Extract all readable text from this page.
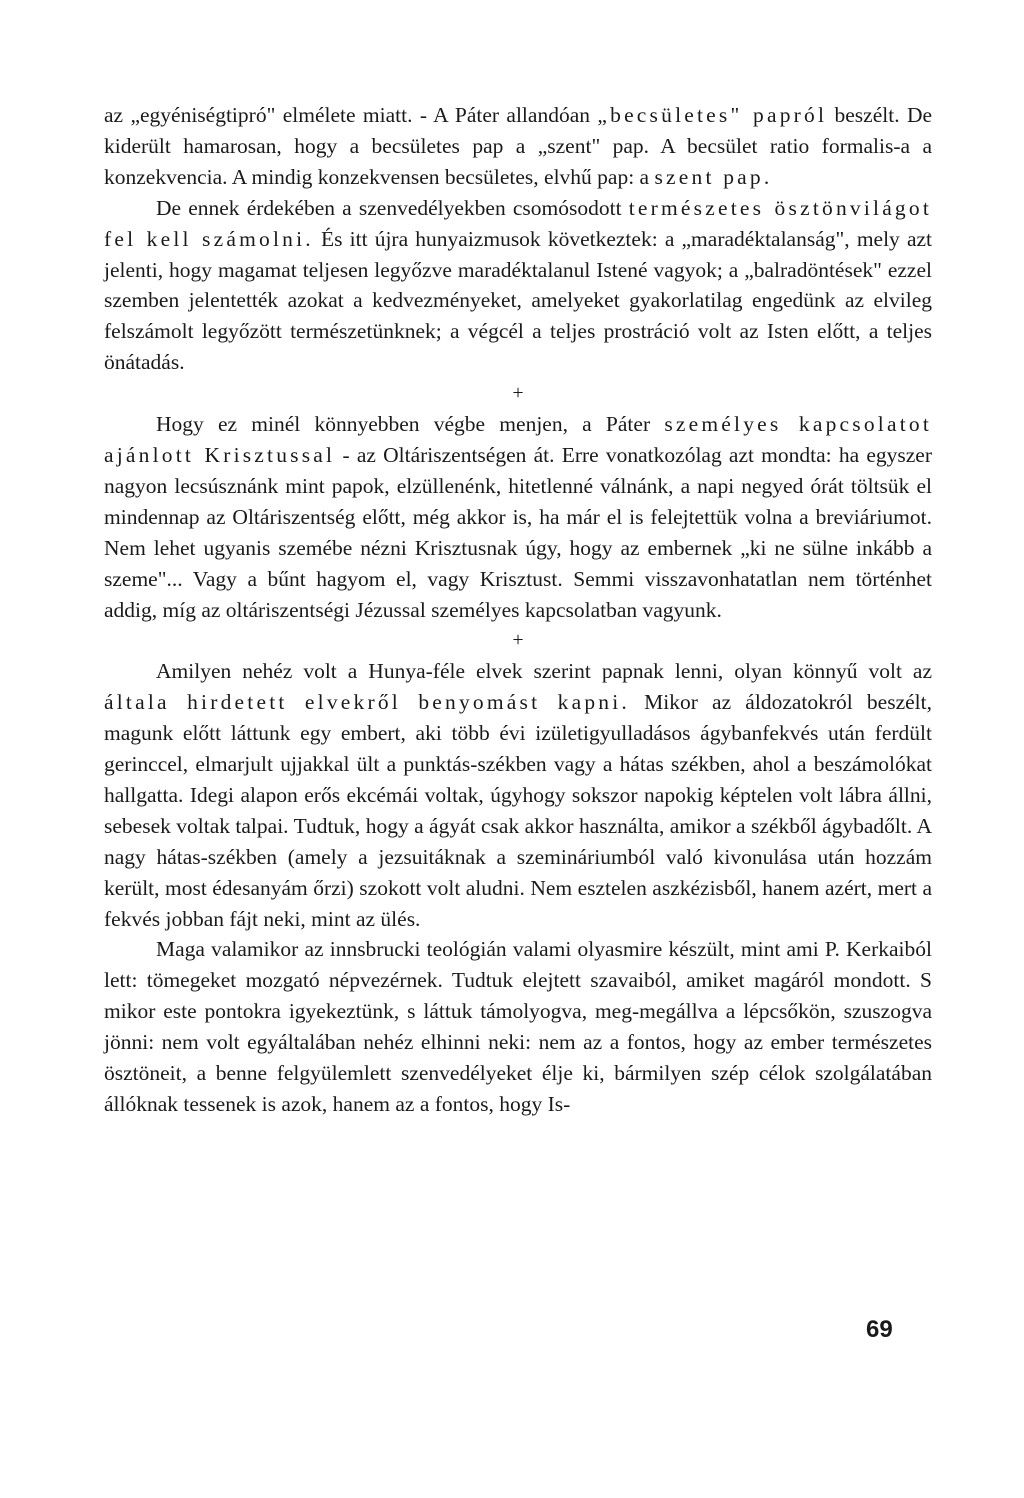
az „egyéniségtipró" elmélete miatt. - A Páter allandóan „becsületes" papról beszélt. De kiderült hamarosan, hogy a becsületes pap a „szent" pap. A becsület ratio formalis-a a konzekvencia. A mindig konzekvensen becsületes, elvhű pap: a szent pap.

De ennek érdekében a szenvedélyekben csomósodott természetes ösztönvilágot fel kell számolni. És itt újra hunyaizmusok következtek: a „maradéktalanság", mely azt jelenti, hogy magamat teljesen legyőzve maradéktalanul Istené vagyok; a „balradöntések" ezzel szemben jelentették azokat a kedvezményeket, amelyeket gyakorlatilag engedünk az elvileg felszámolt legyőzött természetünknek; a végcél a teljes prostráció volt az Isten előtt, a teljes önátadás.

+

Hogy ez minél könnyebben végbe menjen, a Páter személyes kapcsolatot ajánlott Krisztussal - az Oltáriszentségen át. Erre vonatkozólag azt mondta: ha egyszer nagyon lecsúsznánk mint papok, elzüllenénk, hitetlenné válnánk, a napi negyed órát töltsük el mindennap az Oltáriszentség előtt, még akkor is, ha már el is felejtettük volna a breviáriumot. Nem lehet ugyanis szemébe nézni Krisztusnak úgy, hogy az embernek „ki ne sülne inkább a szeme"... Vagy a bűnt hagyom el, vagy Krisztust. Semmi visszavonhatatlan nem történhet addig, míg az oltáriszentségi Jézussal személyes kapcsolatban vagyunk.

+

Amilyen nehéz volt a Hunya-féle elvek szerint papnak lenni, olyan könnyű volt az általa hirdetett elvekről benyomást kapni. Mikor az áldozatokról beszélt, magunk előtt láttunk egy embert, aki több évi izületigyulladásos ágybanfekvés után ferdült gerinccel, elmarjult ujjakkal ült a punktás-székben vagy a hátas székben, ahol a beszámolókat hallgatta. Idegi alapon erős ekcémái voltak, úgyhogy sokszor napokig képtelen volt lábra állni, sebesek voltak talpai. Tudtuk, hogy a ágyát csak akkor használta, amikor a székből ágybadőlt. A nagy hátas-székben (amely a jezsuitáknak a szemináriumból való kivonulása után hozzám került, most édesanyám őrzi) szokott volt aludni. Nem esztelen aszkézisből, hanem azért, mert a fekvés jobban fájt neki, mint az ülés.

Maga valamikor az innsbrucki teológián valami olyasmire készült, mint ami P. Kerkaiból lett: tömegeket mozgató népvezérnek. Tudtuk elejtett szavaiból, amiket magáról mondott. S mikor este pontokra igyekeztünk, s láttuk támolyogva, meg-megállva a lépcsőkön, szuszogva jönni: nem volt egyáltalában nehéz elhinni neki: nem az a fontos, hogy az ember természetes ösztöneit, a benne felgyülemlett szenvedélyeket élje ki, bármilyen szép célok szolgálatában állóknak tessenek is azok, hanem az a fontos, hogy Is-

69
